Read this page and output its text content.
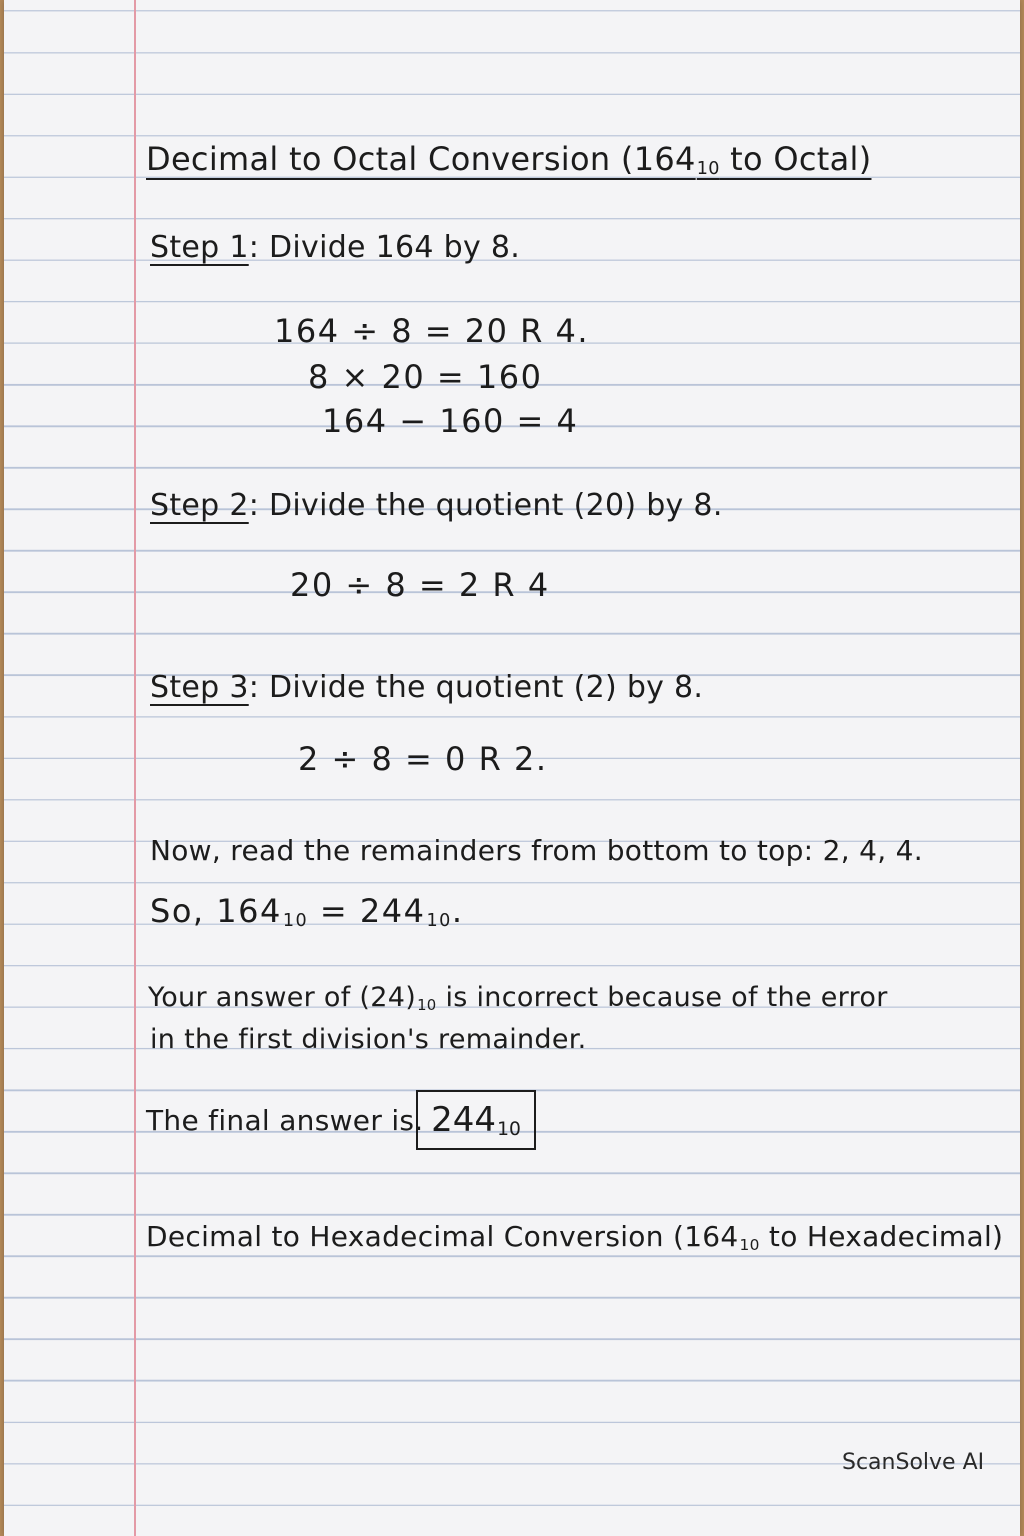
Decimal to Octal Conversion ($164_{10}$ to Octal)
Step 1: Divide 164 by 8.
164 ÷ 8 = 20 R 4.
8 × 20 = 160
164 − 160 = 4
Step 2: Divide the quotient (20) by 8.
20 ÷ 8 = 2 R 4
Step 3: Divide the quotient (2) by 8.
2 ÷ 8 = 0 R 2.
Now, read the remainders from bottom to top: 2, 4, 4.
So, $164_{10} = 244_{10}$.
Your answer of $(24)_{10}$ is incorrect because of the error
in the first division's remainder.
The final answer is. $244_{10}$
Decimal to Hexadecimal Conversion ($164_{10}$ to Hexadecimal)
ScanSolve AI
